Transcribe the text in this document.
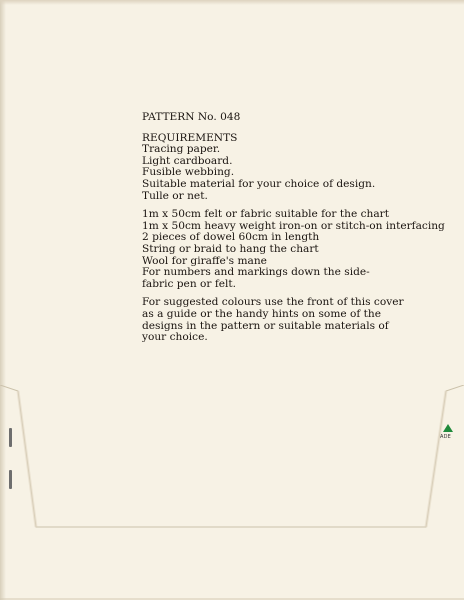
ADE
PATTERN No. 048
REQUIREMENTS
Tracing paper.
Light cardboard.
Fusible webbing.
Suitable material for your choice of design.
Tulle or net.
1m x 50cm felt or fabric suitable for the chart
1m x 50cm heavy weight iron-on or stitch-on interfacing
2 pieces of dowel 60cm in length
String or braid to hang the chart
Wool for giraffe's mane
For numbers and markings down the side-
fabric pen or felt.
For suggested colours use the front of this cover
as a guide or the handy hints on some of the
designs in the pattern or suitable materials of
your choice.
